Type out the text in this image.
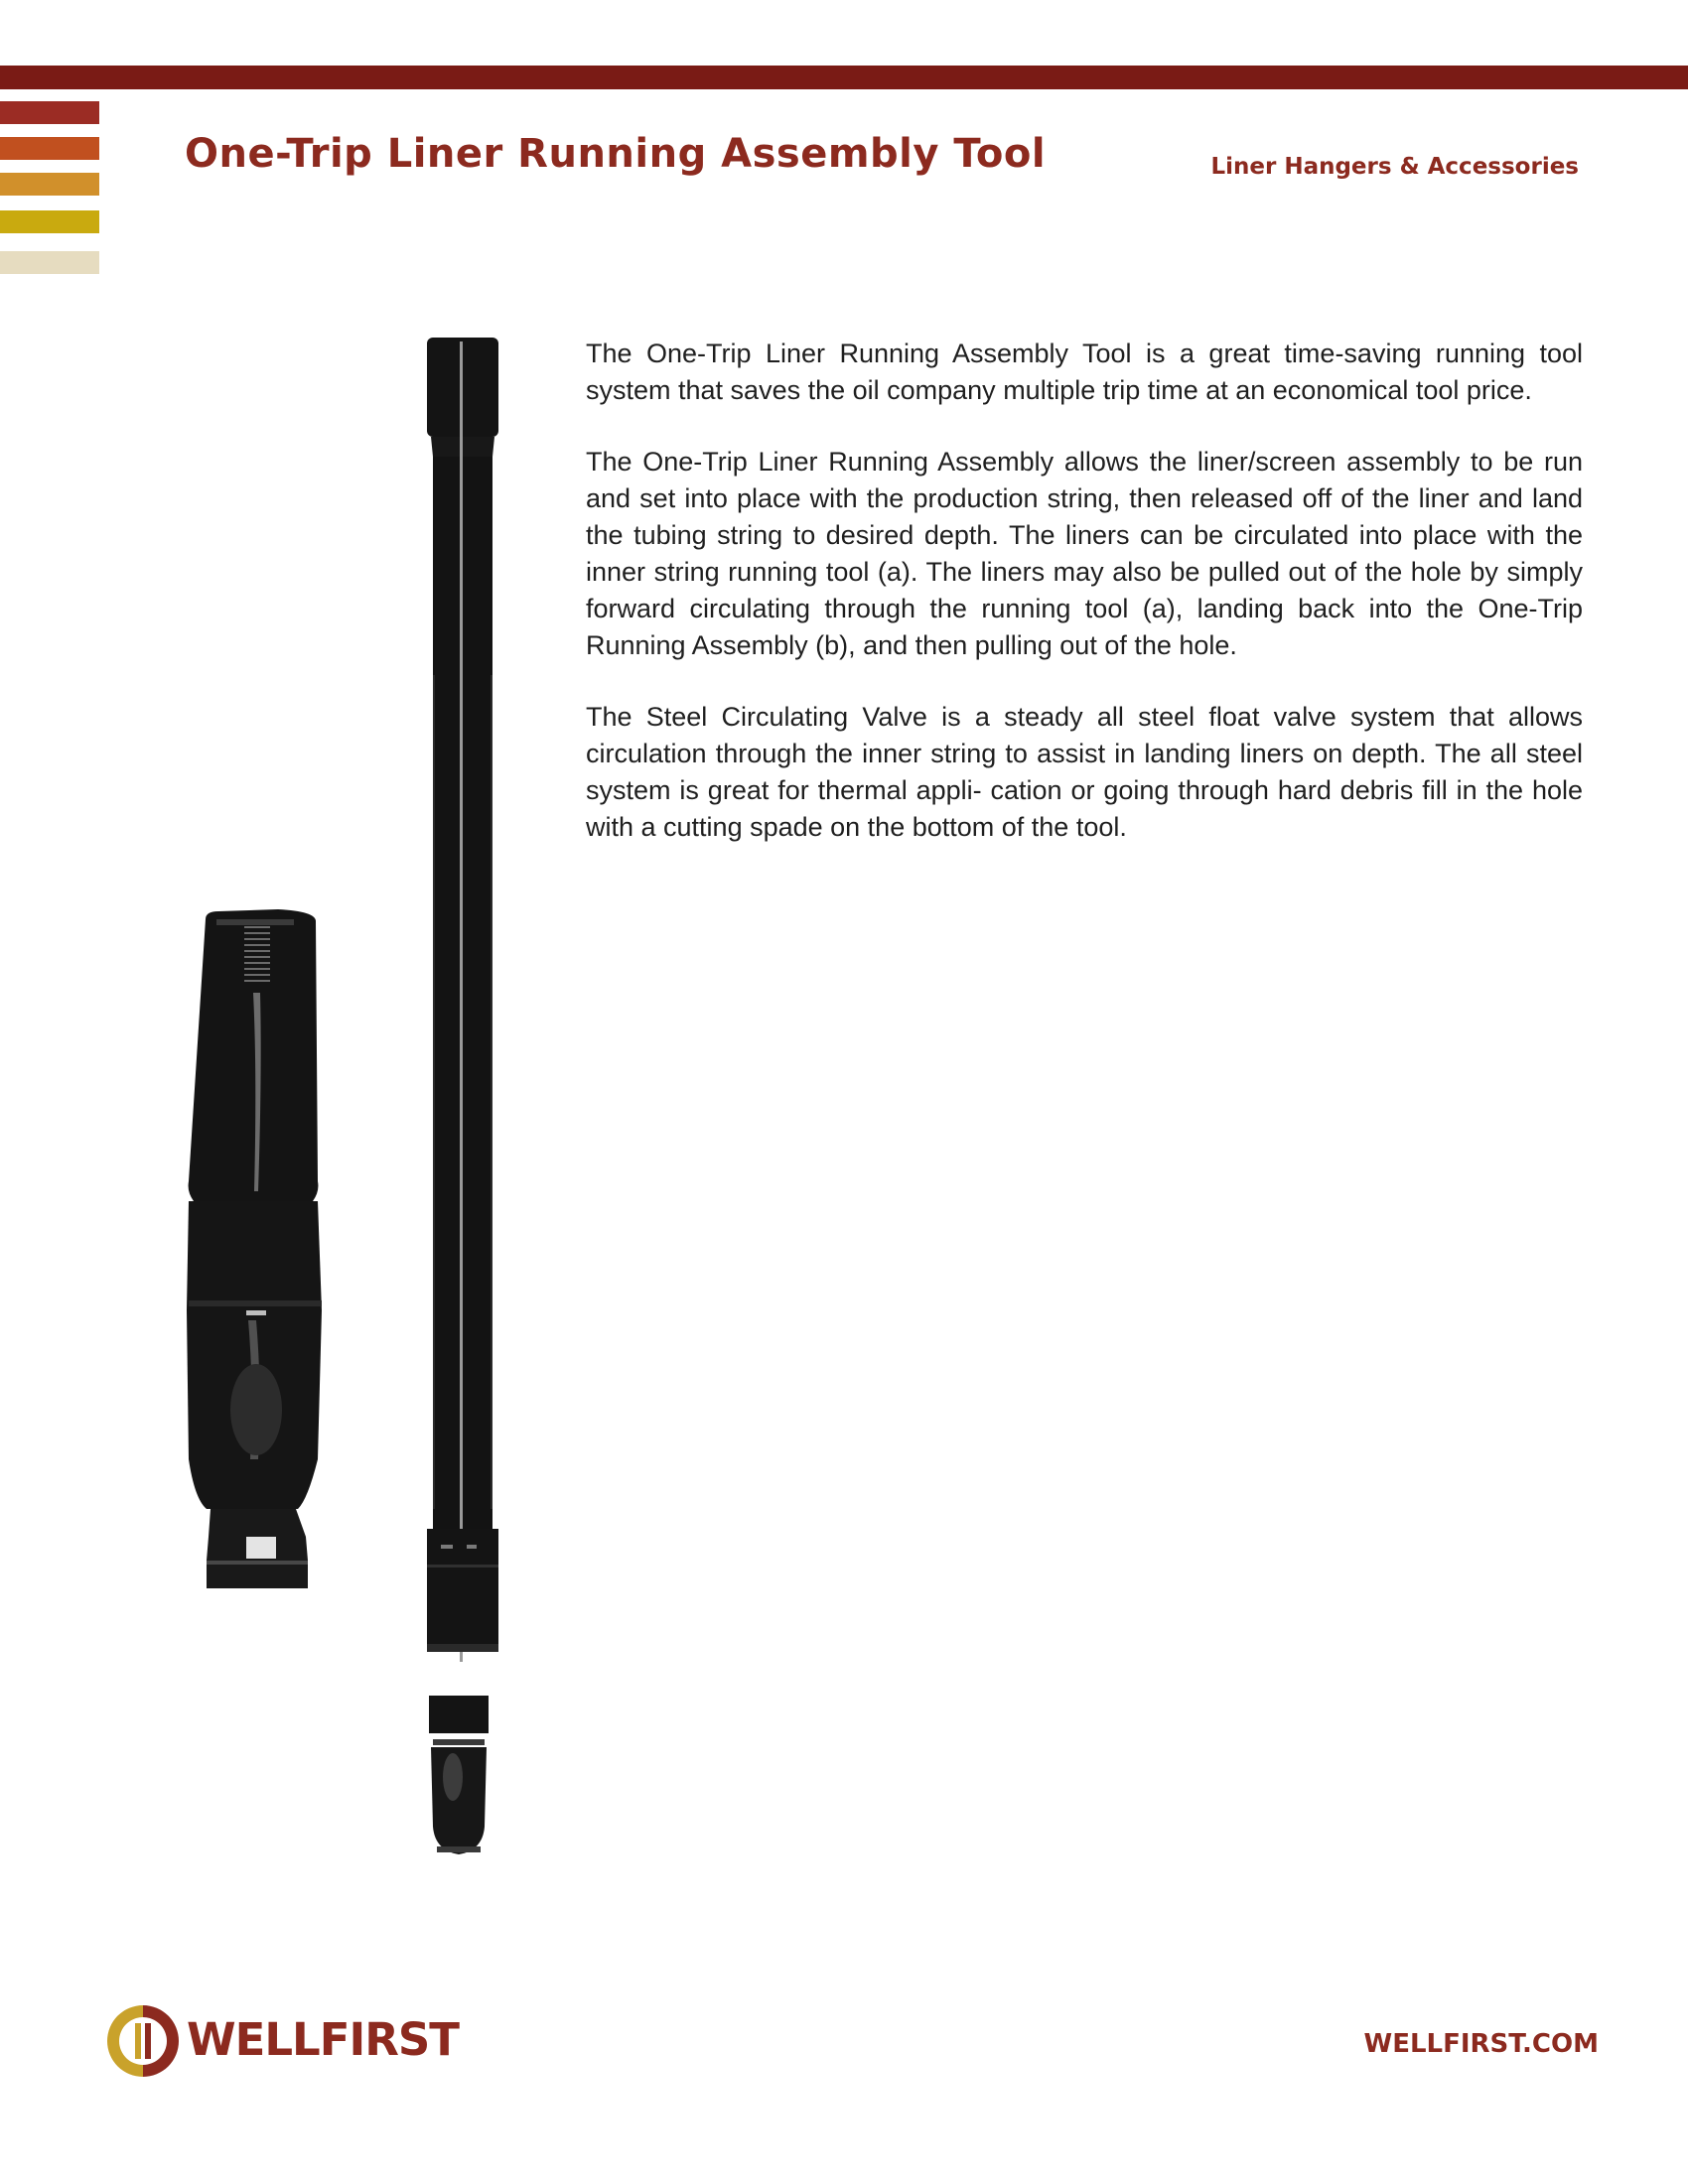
One-Trip Liner Running Assembly Tool	Liner Hangers & Accessories

The One-Trip Liner Running Assembly Tool is a great time-saving running tool system that saves the oil company multiple trip time at an economical tool price.

The One-Trip Liner Running Assembly allows the liner/screen assembly to be run and set into place with the production string, then released off of the liner and land the tubing string to desired depth. The liners can be circulated into place with the inner string running tool (a). The liners may also be pulled out of the hole by simply forward circulating through the running tool (a), landing back into the One-Trip Running Assembly (b), and then pulling out of the hole.

The Steel Circulating Valve is a steady all steel float valve system that allows circulation through the inner string to assist in landing liners on depth. The all steel system is great for thermal appli- cation or going through hard debris fill in the hole with a cutting spade on the bottom of the tool.

WELLFIRST	WELLFIRST.COM
